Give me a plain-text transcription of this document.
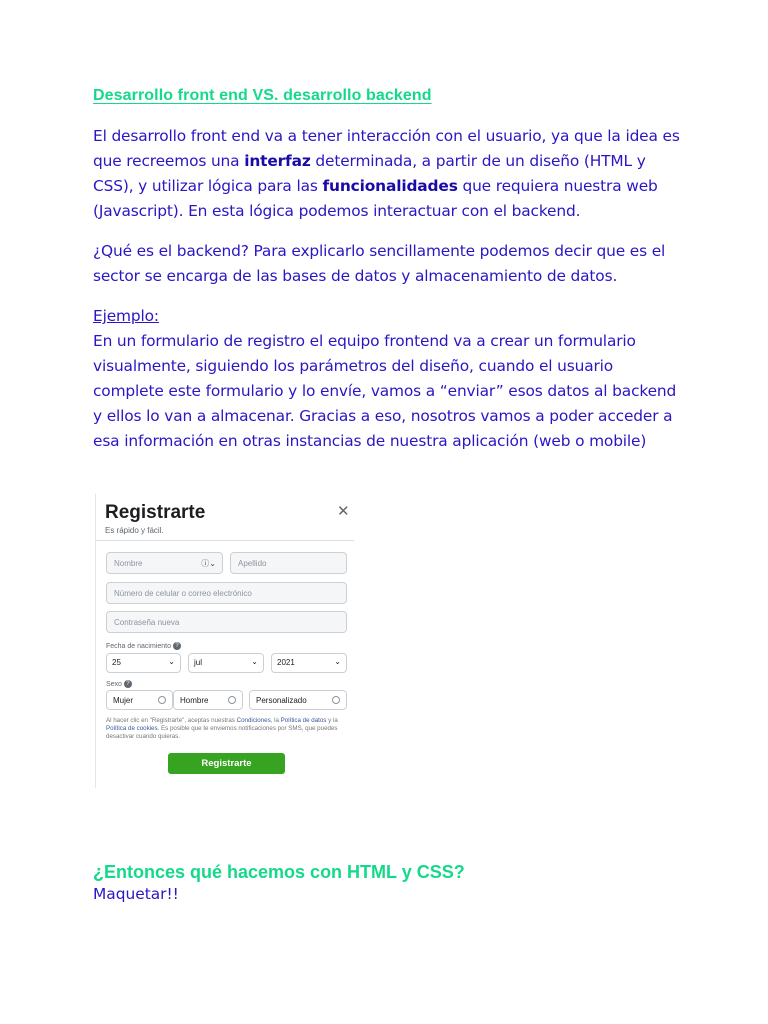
Desarrollo front end VS. desarrollo backend
El desarrollo front end va a tener interacción con el usuario, ya que la idea es que recreemos una interfaz determinada, a partir de un diseño (HTML y CSS), y utilizar lógica para las funcionalidades que requiera nuestra web (Javascript). En esta lógica podemos interactuar con el backend.
¿Qué es el backend? Para explicarlo sencillamente podemos decir que es el sector se encarga de las bases de datos y almacenamiento de datos.
Ejemplo:
En un formulario de registro el equipo frontend va a crear un formulario visualmente, siguiendo los parámetros del diseño, cuando el usuario complete este formulario y lo envíe, vamos a “enviar” esos datos al backend y ellos lo van a almacenar. Gracias a eso, nosotros vamos a poder acceder a esa información en otras instancias de nuestra aplicación (web o mobile)
Registrarte
Es rápido y fácil.
✕
Nombre	ⓘ⌄	Apellido
Número de celular o correo electrónico
Contraseña nueva
Fecha de nacimiento ?
25	⌄	jul	⌄	2021	⌄
Sexo ?
Mujer	Hombre	Personalizado
Al hacer clic en "Registrarte", aceptas nuestras Condiciones, la Política de datos y la Política de cookies. Es posible que te enviemos notificaciones por SMS, que puedes desactivar cuando quieras.
Registrarte
¿Entonces qué hacemos con HTML y CSS?
Maquetar!!
